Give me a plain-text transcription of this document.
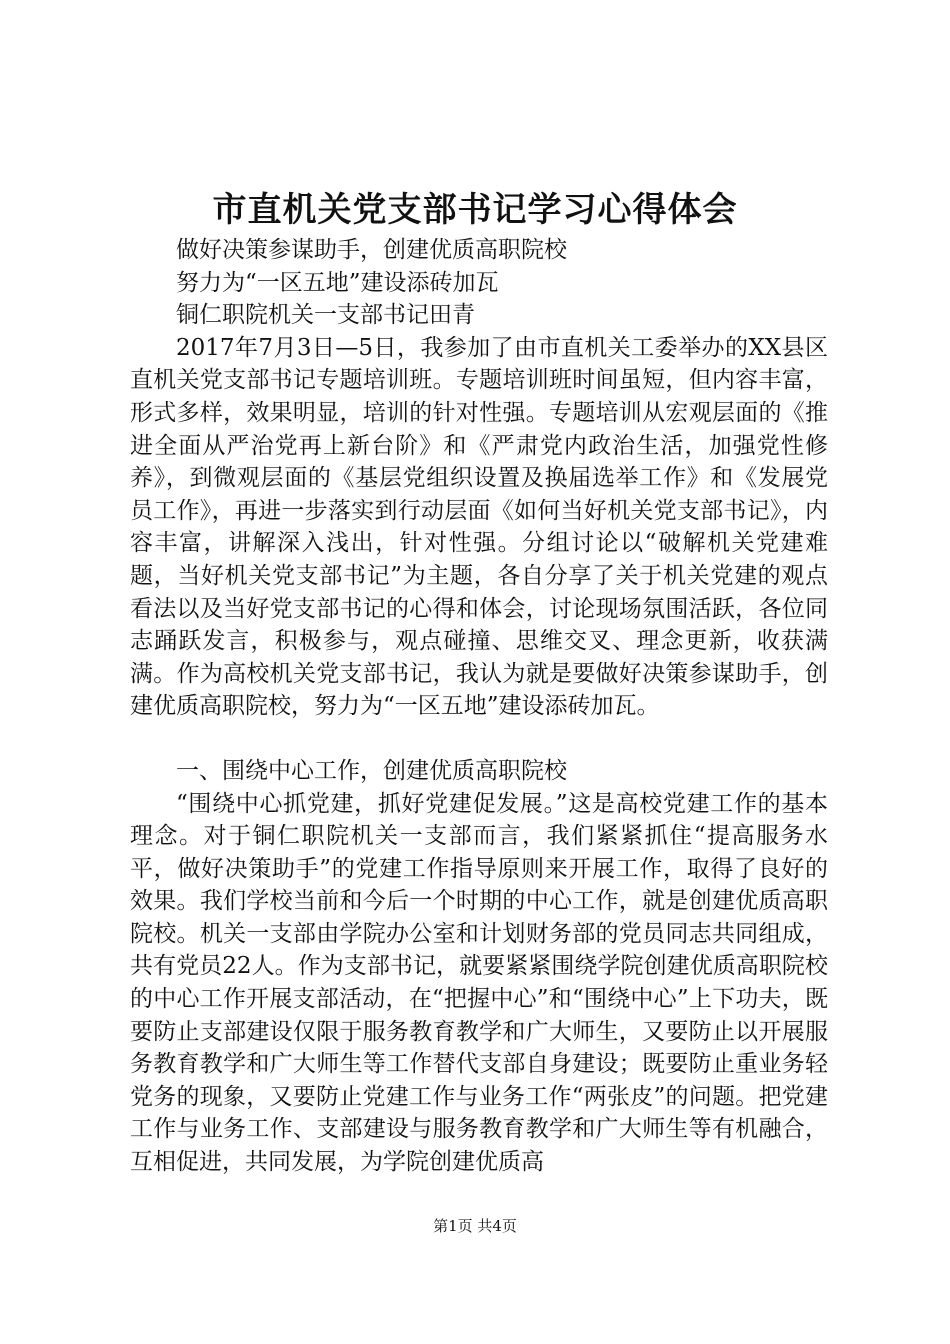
市直机关党支部书记学习心得体会

做好决策参谋助手，创建优质高职院校

努力为“一区五地”建设添砖加瓦

铜仁职院机关一支部书记田青

2017年7月3日—5日，我参加了由市直机关工委举办的XX县区直机关党支部书记专题培训班。专题培训班时间虽短，但内容丰富，形式多样，效果明显，培训的针对性强。专题培训从宏观层面的《推进全面从严治党再上新台阶》和《严肃党内政治生活，加强党性修养》，到微观层面的《基层党组织设置及换届选举工作》和《发展党员工作》，再进一步落实到行动层面《如何当好机关党支部书记》，内容丰富，讲解深入浅出，针对性强。分组讨论以“破解机关党建难题，当好机关党支部书记”为主题，各自分享了关于机关党建的观点看法以及当好党支部书记的心得和体会，讨论现场氛围活跃，各位同志踊跃发言，积极参与，观点碰撞、思维交叉、理念更新，收获满满。作为高校机关党支部书记，我认为就是要做好决策参谋助手，创建优质高职院校，努力为“一区五地”建设添砖加瓦。

一、围绕中心工作，创建优质高职院校

“围绕中心抓党建，抓好党建促发展。”这是高校党建工作的基本理念。对于铜仁职院机关一支部而言，我们紧紧抓住“提高服务水平，做好决策助手”的党建工作指导原则来开展工作，取得了良好的效果。我们学校当前和今后一个时期的中心工作，就是创建优质高职院校。机关一支部由学院办公室和计划财务部的党员同志共同组成，共有党员22人。作为支部书记，就要紧紧围绕学院创建优质高职院校的中心工作开展支部活动，在“把握中心”和“围绕中心”上下功夫，既要防止支部建设仅限于服务教育教学和广大师生，又要防止以开展服务教育教学和广大师生等工作替代支部自身建设；既要防止重业务轻党务的现象，又要防止党建工作与业务工作“两张皮”的问题。把党建工作与业务工作、支部建设与服务教育教学和广大师生等有机融合，互相促进，共同发展，为学院创建优质高

第1页 共4页
